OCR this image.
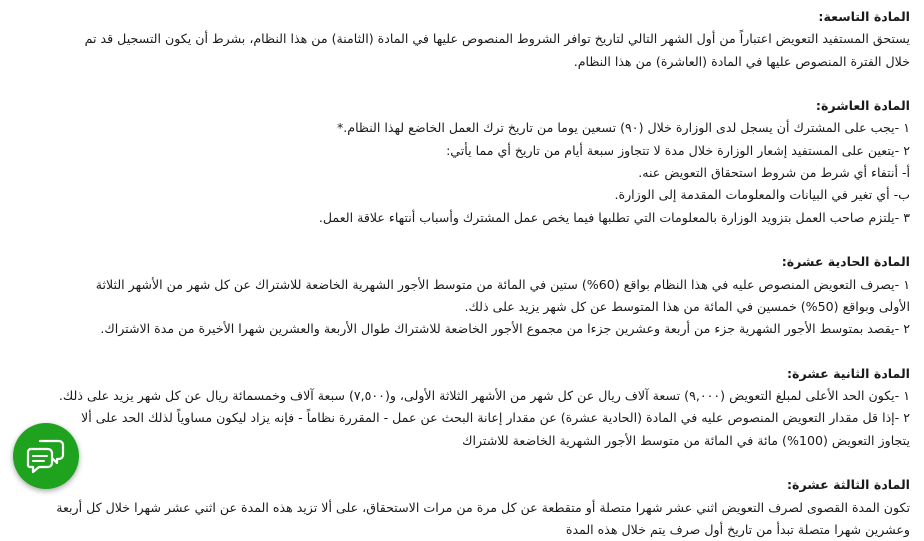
المادة التاسعة:
يستحق المستفيد التعويض اعتباراً من أول الشهر التالي لتاريخ توافر الشروط المنصوص عليها في المادة (الثامنة) من هذا النظام، بشرط أن يكون التسجيل قد تم
خلال الفترة المنصوص عليها في المادة (العاشرة) من هذا النظام.
المادة العاشرة:
١ -يجب على المشترك أن يسجل لدى الوزارة خلال (٩٠) تسعين يوما من تاريخ ترك العمل الخاضع لهذا النظام.*
٢ -يتعين على المستفيد إشعار الوزارة خلال مدة لا تتجاوز سبعة أيام من تاريخ أي مما يأتي:
أ- أنتفاء أي شرط من شروط استحقاق التعويض عنه.
ب- أي تغير في البيانات والمعلومات المقدمة إلى الوزارة.
٣ -يلتزم صاحب العمل بتزويد الوزارة بالمعلومات التي تطلبها فيما يخص عمل المشترك وأسباب أنتهاء علاقة العمل.
المادة الحادية عشرة:
١ -يصرف التعويض المنصوص عليه في هذا النظام بواقع (60%) ستين في المائة من متوسط الأجور الشهرية الخاضعة للاشتراك عن كل شهر من الأشهر الثلاثة
الأولى وبواقع (50%) خمسين في المائة من هذا المتوسط عن كل شهر يزيد على ذلك.
٢ -يقصد بمتوسط الأجور الشهرية جزء من أربعة وعشرين جزءا من مجموع الأجور الخاضعة للاشتراك طوال الأربعة والعشرين شهرا الأخيرة من مدة الاشتراك.
المادة الثانية عشرة:
١ -يكون الحد الأعلى لمبلغ التعويض (٩,٠٠٠) تسعة آلاف ريال عن كل شهر من الأشهر الثلاثة الأولى، و(٧,٥٠٠) سبعة آلاف وخمسمائة ريال عن كل شهر يزيد على ذلك.
٢ -إذا قل مقدار التعويض المنصوص عليه في المادة (الحادية عشرة) عن مقدار إعانة البحث عن عمل - المقررة نظاماً - فإنه يزاد ليكون مساوياً لذلك الحد على ألا
يتجاوز التعويض (100%) مائة في المائة من متوسط الأجور الشهرية الخاضعة للاشتراك
المادة الثالثة عشرة:
تكون المدة القصوى لصرف التعويض اثني عشر شهرا متصلة أو متقطعة عن كل مرة من مرات الاستحقاق، على ألا تزيد هذه المدة عن اثني عشر شهرا خلال كل أربعة
وعشرين شهرا متصلة تبدأ من تاريخ أول صرف يتم خلال هذه المدة
